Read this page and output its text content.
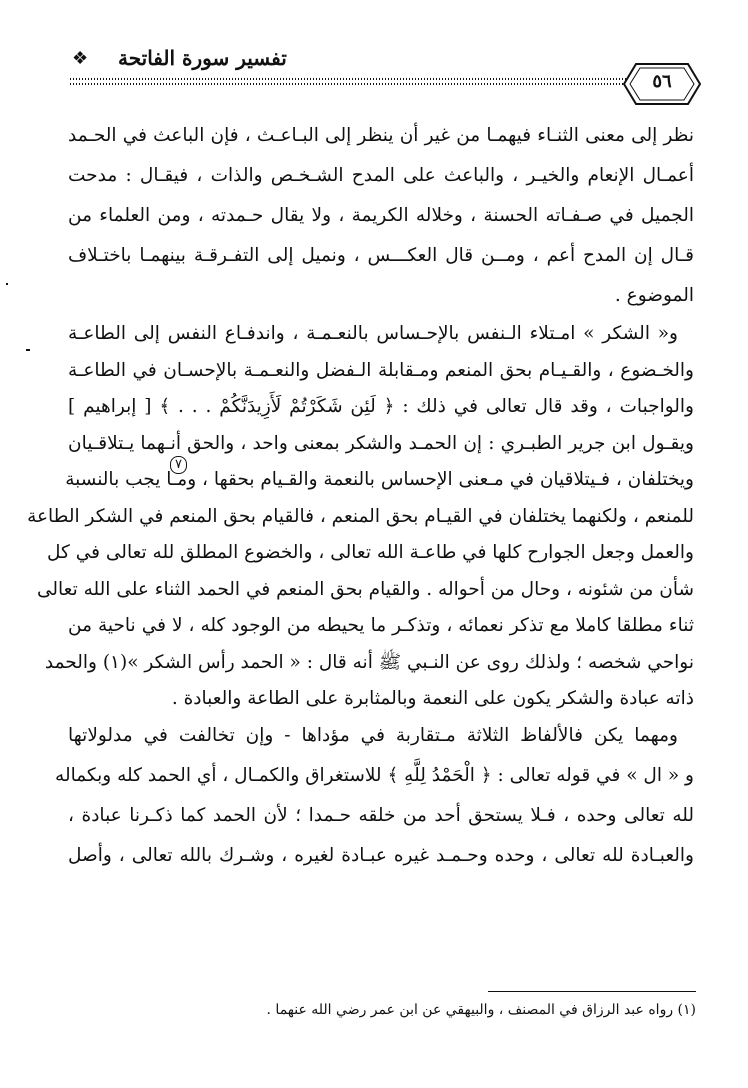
❖ تفسير سورة الفاتحة
٥٦

نظر إلى معنى الثنـاء فيهمـا من غير أن ينظر إلى البـاعـث ، فإن الباعث في الحـمد

أعمـال الإنعام والخيـر ، والباعث على المدح الشـخـص والذات ، فيقـال : مدحت

الجميل في صـفـاته الحسنة ، وخلاله الكريمة ، ولا يقال حـمدته ، ومن العلماء من

قـال إن المدح أعم ، ومــن قال العكـــس ، ونميل إلى التفـرقـة بينهمـا باختـلاف

الموضوع .

و« الشكر » امـتلاء الـنفس بالإحـساس بالنعـمـة ، واندفـاع النفس إلى الطاعـة

والخـضوع ، والقـيـام بحق المنعم ومـقابلة الـفضل والنعـمـة بالإحسـان في الطاعـة

والواجبات ، وقد قال تعالى في ذلك : ﴿ لَئِن شَكَرْتُمْ لَأَزِيدَنَّكُمْ . . . ﴾ [ إبراهيم ]

ويقـول ابن جرير الطبـري : إن الحمـد والشكر بمعنى واحد ، والحق أنـهما يـتلاقـيان

ويختلفان ، فـيتلاقيان في مـعنى الإحساس بالنعمة والقـيام بحقها ، ومـا يجب بالنسبة

للمنعم ، ولكنهما يختلفان في القيـام بحق المنعم ، فالقيام بحق المنعم في الشكر الطاعة

والعمل وجعل الجوارح كلها في طاعـة الله تعالى ، والخضوع المطلق لله تعالى في كل

شأن من شئونه ، وحال من أحواله . والقيام بحق المنعم في الحمد الثناء على الله تعالى

ثناء مطلقا كاملا مع تذكر نعمائه ، وتذكـر ما يحيطه من الوجود كله ، لا في ناحية من

نواحي شخصه ؛ ولذلك روى عن النـبي ﷺ أنه قال : « الحمد رأس الشكر »(١) والحمد

ذاته عبادة والشكر يكون على النعمة وبالمثابرة على الطاعة والعبادة .

ومهما يكن فالألفاظ الثلاثة مـتقاربة في مؤداها - وإن تخالفت في مدلولاتها

و « ال » في قوله تعالى : ﴿ الْحَمْدُ لِلَّهِ ﴾ للاستغراق والكمـال ، أي الحمد كله وبكماله

لله تعالى وحده ، فـلا يستحق أحد من خلقه حـمدا ؛ لأن الحمد كما ذكـرنا عبادة ،

والعبـادة لله تعالى ، وحده وحـمـد غيره عبـادة لغيره ، وشـرك بالله تعالى ، وأصل

٧
(١) رواه عبد الرزاق في المصنف ، والبيهقي عن ابن عمر رضي الله عنهما .
